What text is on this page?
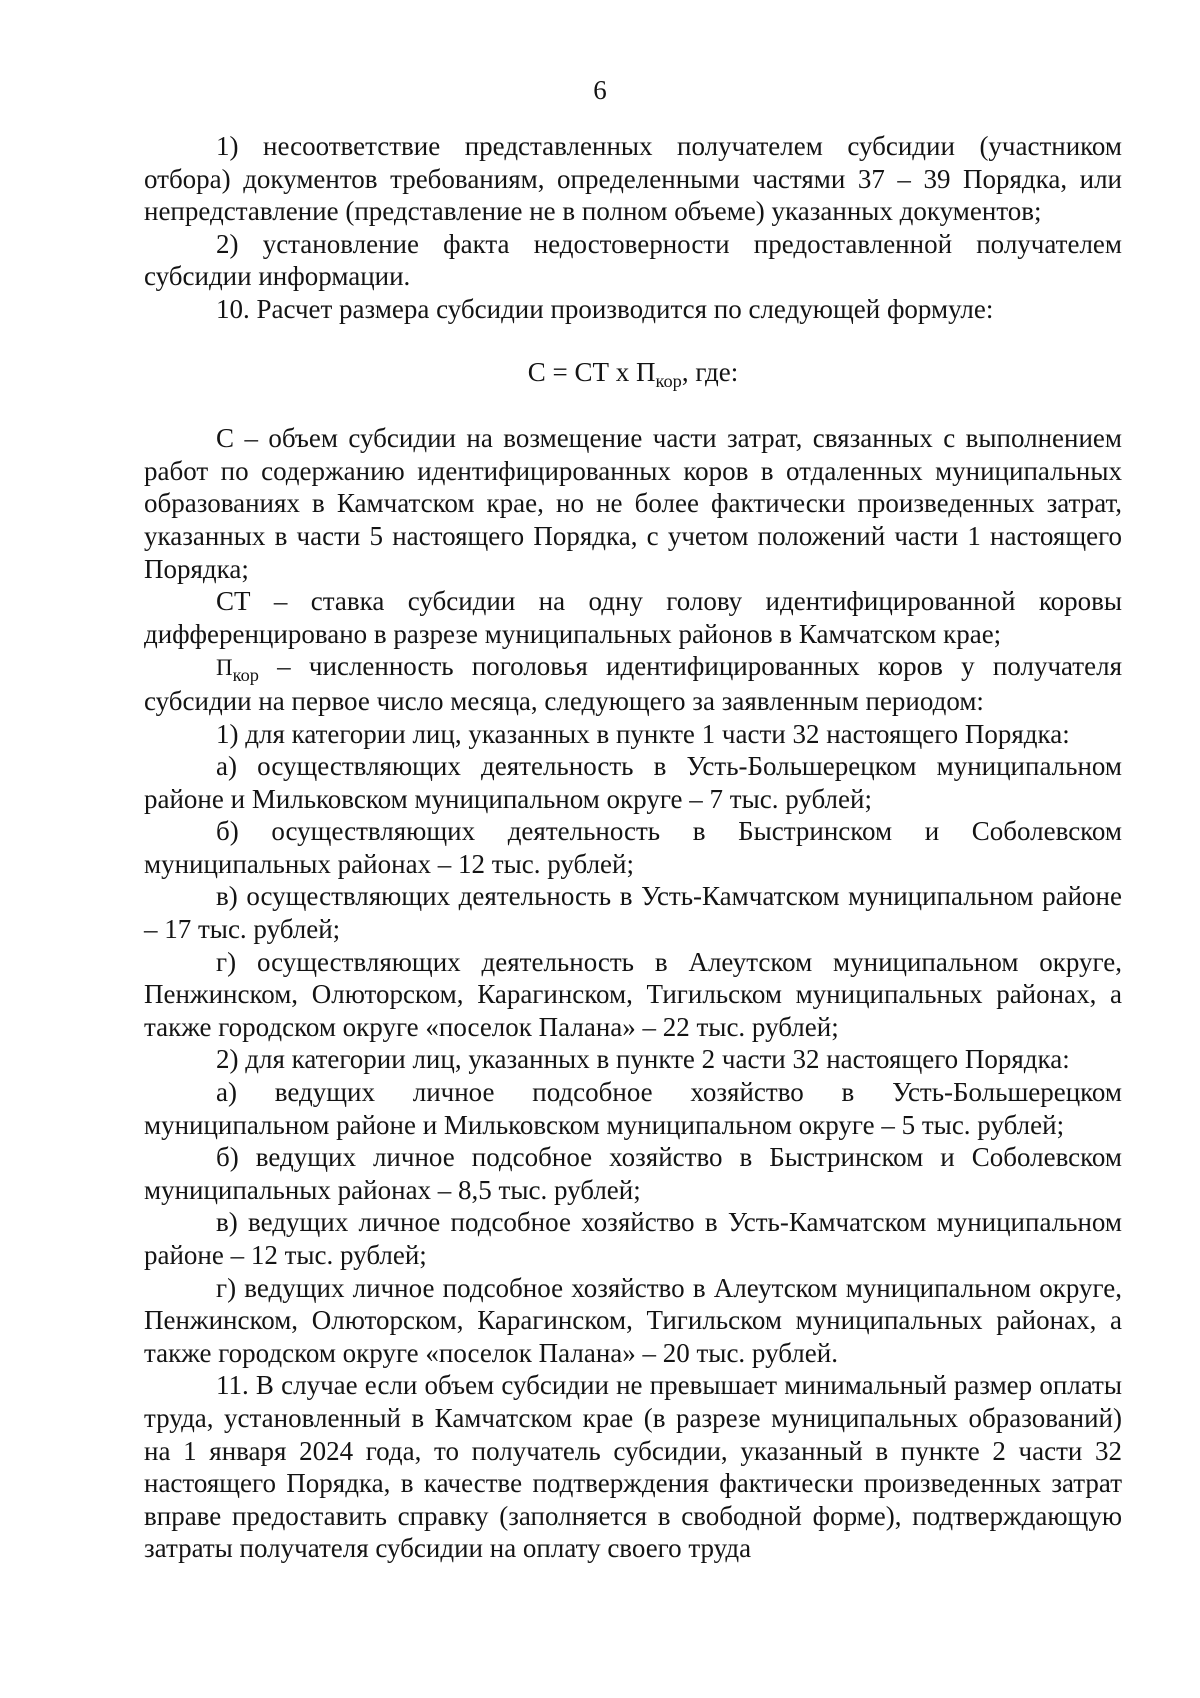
6

1) несоответствие представленных получателем субсидии (участником отбора) документов требованиям, определенными частями 37 – 39 Порядка, или непредставление (представление не в полном объеме) указанных документов;

2) установление факта недостоверности предоставленной получателем субсидии информации.

10. Расчет размера субсидии производится по следующей формуле:

С = СТ х $П_{кор}$, где:

С – объем субсидии на возмещение части затрат, связанных с выполнением работ по содержанию идентифицированных коров в отдаленных муниципальных образованиях в Камчатском крае, но не более фактически произведенных затрат, указанных в части 5 настоящего Порядка, с учетом положений части 1 настоящего Порядка;

СТ – ставка субсидии на одну голову идентифицированной коровы дифференцировано в разрезе муниципальных районов в Камчатском крае;

$П_{кор}$ – численность поголовья идентифицированных коров у получателя субсидии на первое число месяца, следующего за заявленным периодом:

1) для категории лиц, указанных в пункте 1 части 32 настоящего Порядка:

а) осуществляющих деятельность в Усть-Большерецком муниципальном районе и Мильковском муниципальном округе – 7 тыс. рублей;

б) осуществляющих деятельность в Быстринском и Соболевском муниципальных районах – 12 тыс. рублей;

в) осуществляющих деятельность в Усть-Камчатском муниципальном районе – 17 тыс. рублей;

г) осуществляющих деятельность в Алеутском муниципальном округе, Пенжинском, Олюторском, Карагинском, Тигильском муниципальных районах, а также городском округе «поселок Палана» – 22 тыс. рублей;

2) для категории лиц, указанных в пункте 2 части 32 настоящего Порядка:

а) ведущих личное подсобное хозяйство в Усть-Большерецком муниципальном районе и Мильковском муниципальном округе – 5 тыс. рублей;

б) ведущих личное подсобное хозяйство в Быстринском и Соболевском муниципальных районах – 8,5 тыс. рублей;

в) ведущих личное подсобное хозяйство в Усть-Камчатском муниципальном районе – 12 тыс. рублей;

г) ведущих личное подсобное хозяйство в Алеутском муниципальном округе, Пенжинском, Олюторском, Карагинском, Тигильском муниципальных районах, а также городском округе «поселок Палана» – 20 тыс. рублей.

11. В случае если объем субсидии не превышает минимальный размер оплаты труда, установленный в Камчатском крае (в разрезе муниципальных образований) на 1 января 2024 года, то получатель субсидии, указанный в пункте 2 части 32 настоящего Порядка, в качестве подтверждения фактически произведенных затрат вправе предоставить справку (заполняется в свободной форме), подтверждающую затраты получателя субсидии на оплату своего труда
